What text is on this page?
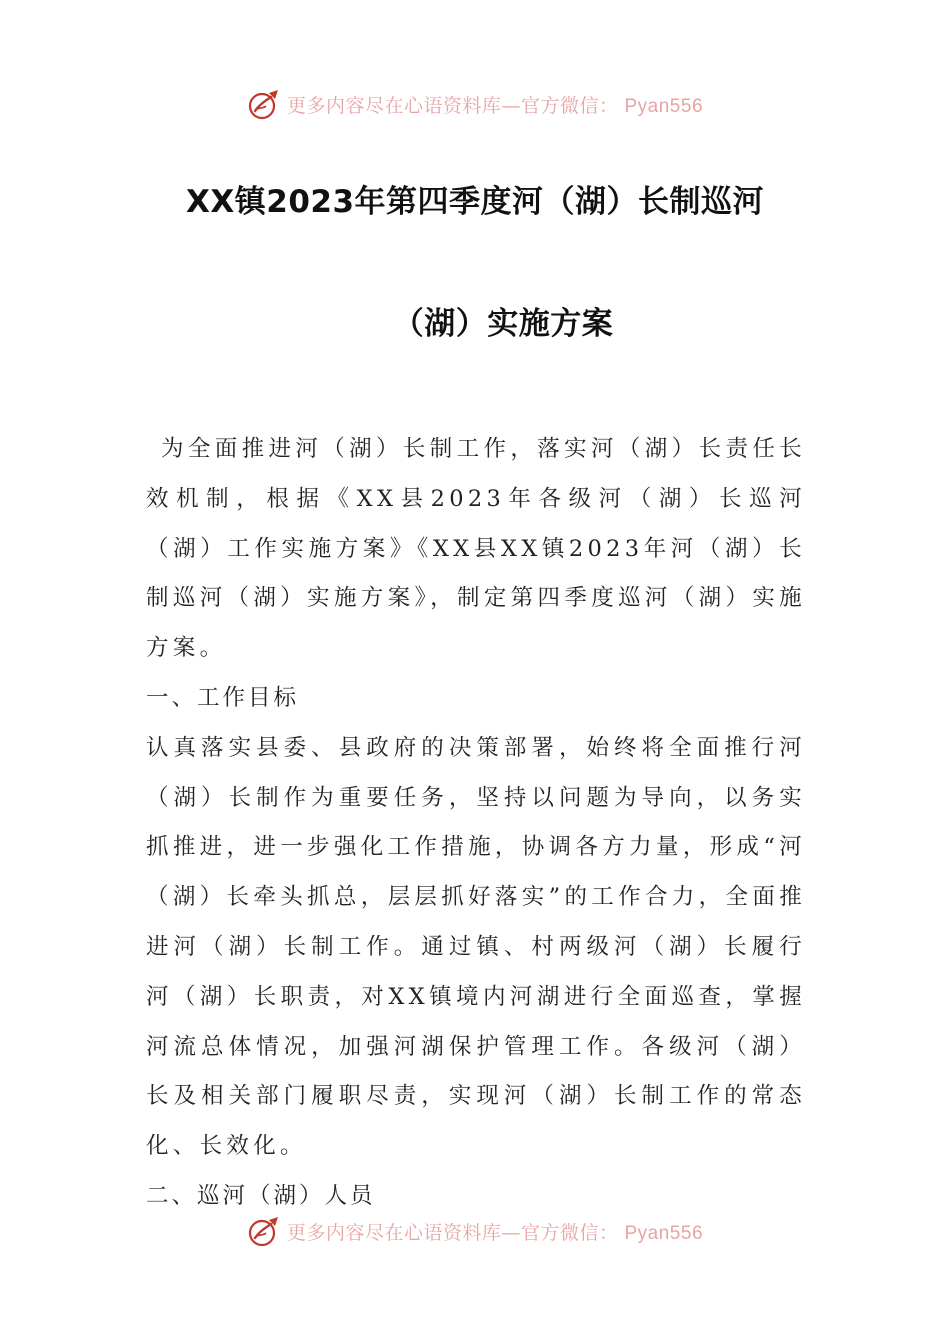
更多内容尽在心语资料库—官方微信： Pyan556
XX镇2023年第四季度河（湖）长制巡河
（湖）实施方案

为全面推进河（湖）长制工作，落实河（湖）长责任长效机制，根据《XX县2023年各级河（湖）长巡河（湖）工作实施方案》《XX县XX镇2023年河（湖）长制巡河（湖）实施方案》，制定第四季度巡河（湖）实施方案。

一、工作目标

认真落实县委、县政府的决策部署，始终将全面推行河（湖）长制作为重要任务，坚持以问题为导向，以务实抓推进，进一步强化工作措施，协调各方力量，形成“河（湖）长牵头抓总，层层抓好落实”的工作合力，全面推进河（湖）长制工作。通过镇、村两级河（湖）长履行河（湖）长职责，对XX镇境内河湖进行全面巡查，掌握河流总体情况，加强河湖保护管理工作。各级河（湖）长及相关部门履职尽责，实现河（湖）长制工作的常态化、长效化。

二、巡河（湖）人员

更多内容尽在心语资料库—官方微信： Pyan556
